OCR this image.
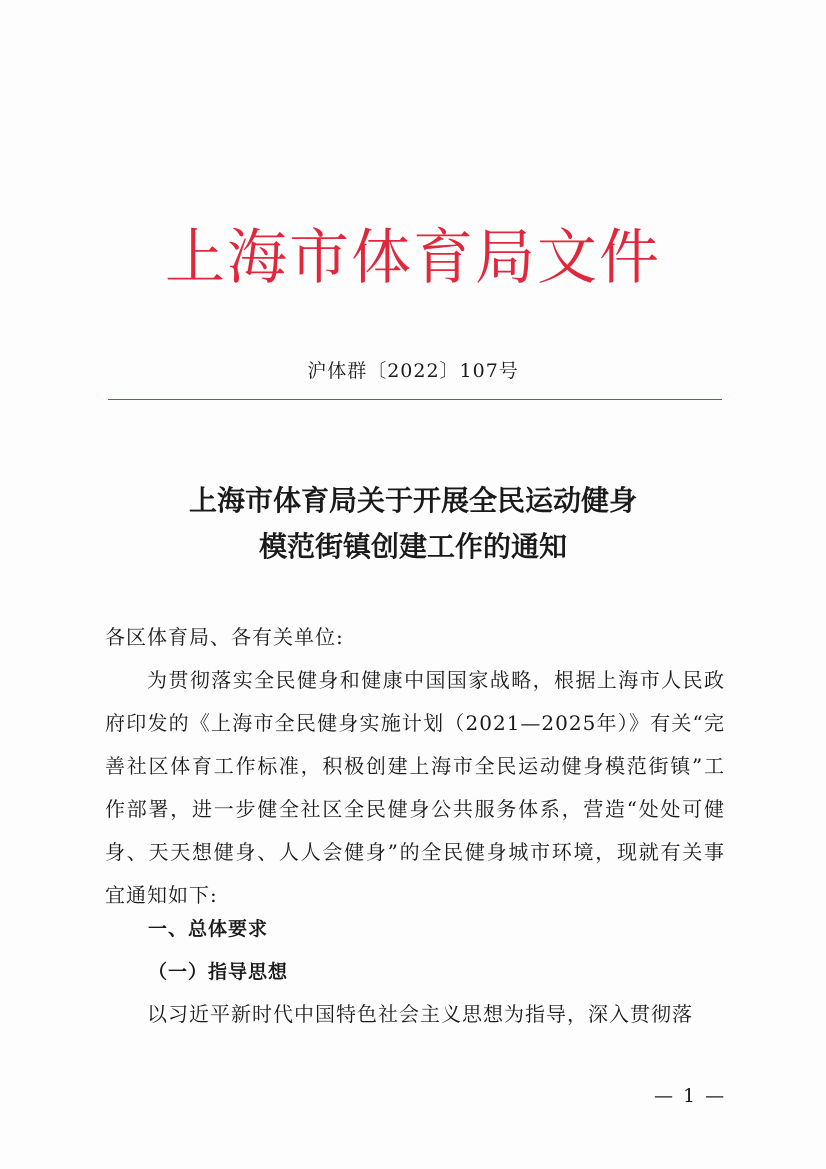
上海市体育局文件
沪体群〔2022〕107号
上海市体育局关于开展全民运动健身
模范街镇创建工作的通知
各区体育局、各有关单位:
为贯彻落实全民健身和健康中国国家战略，根据上海市人民政府印发的《上海市全民健身实施计划（2021—2025年）》有关“完善社区体育工作标准，积极创建上海市全民运动健身模范街镇”工作部署，进一步健全社区全民健身公共服务体系，营造“处处可健身、天天想健身、人人会健身”的全民健身城市环境，现就有关事宜通知如下:
一、总体要求
（一）指导思想
以习近平新时代中国特色社会主义思想为指导，深入贯彻落
— 1 —
